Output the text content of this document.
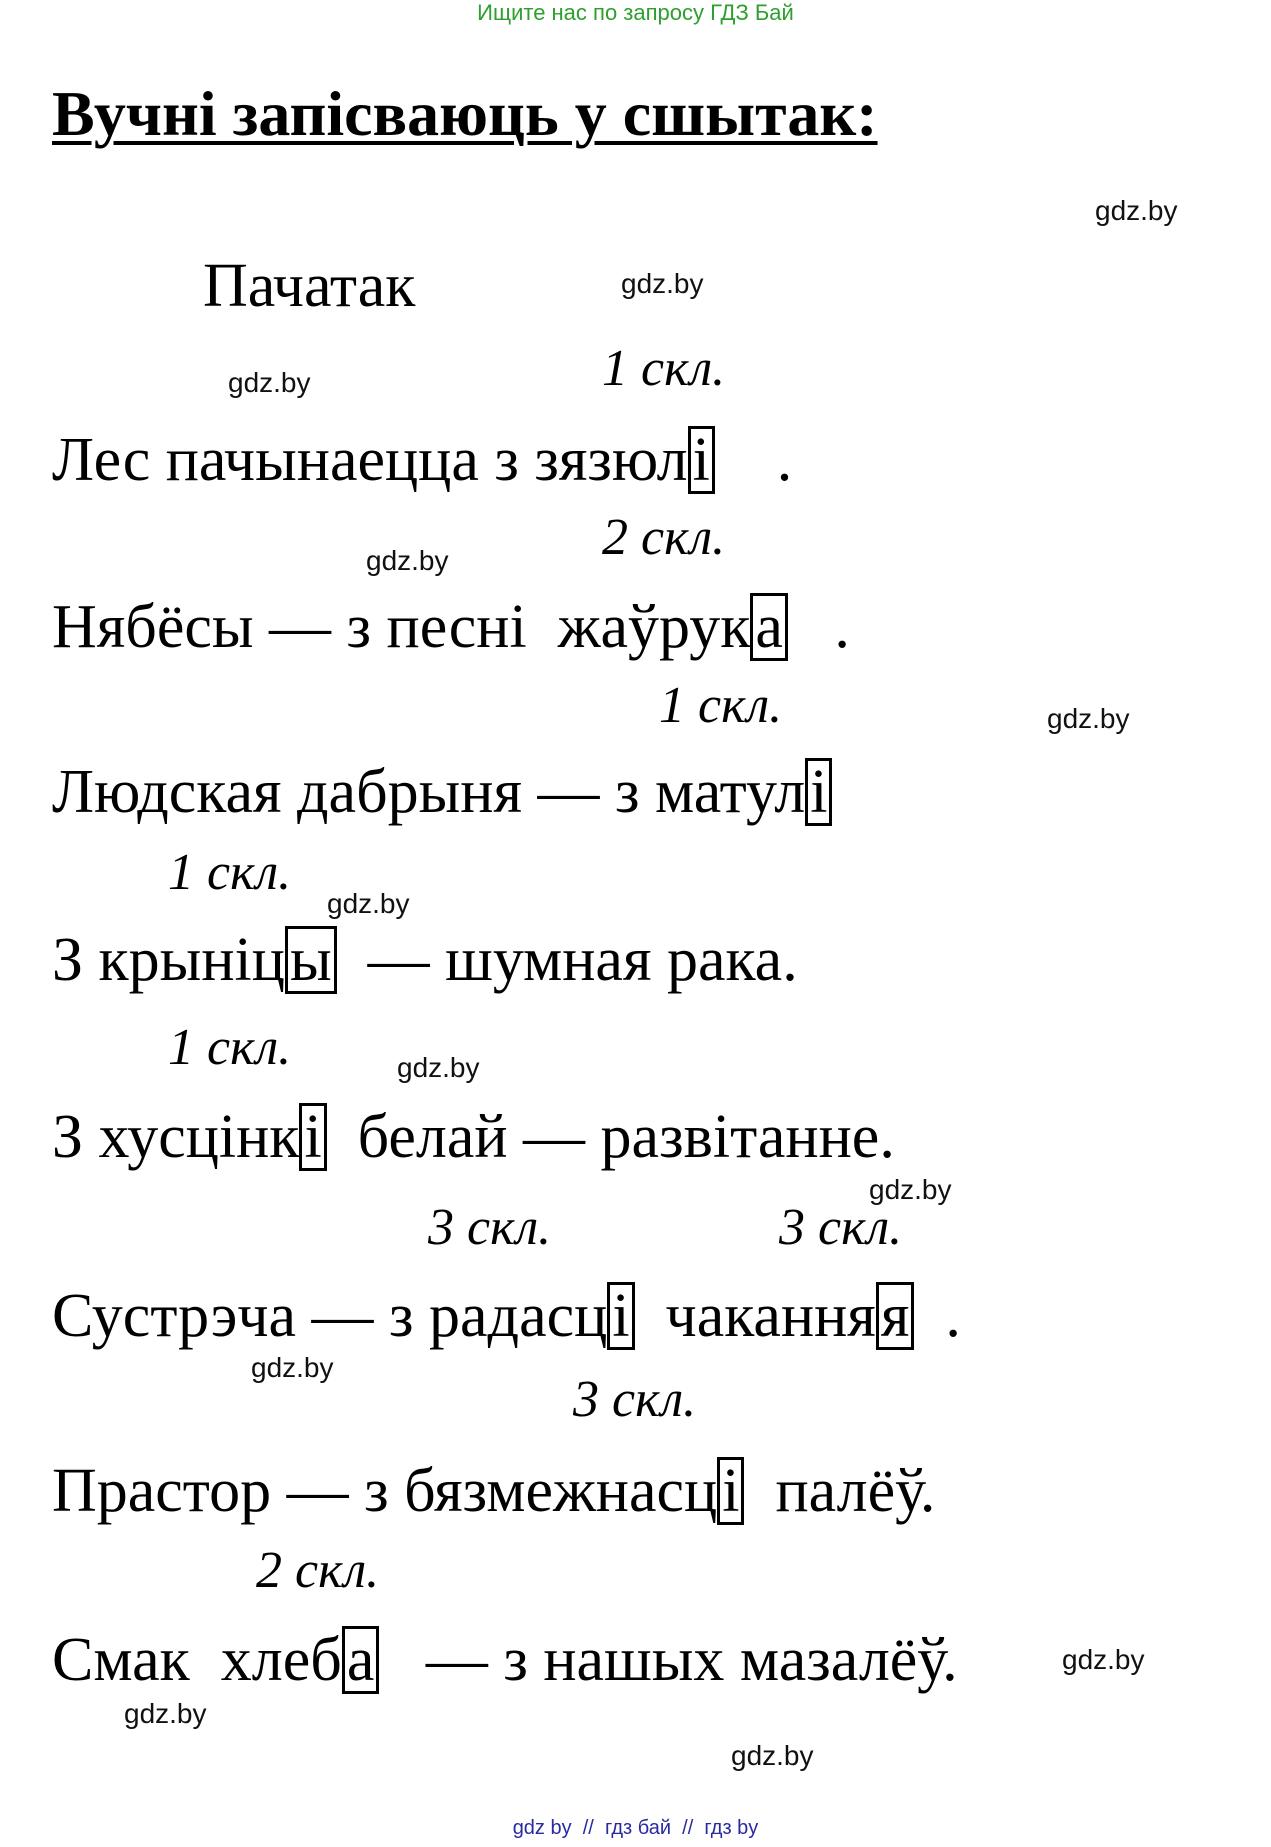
Ищите нас по запросу ГДЗ Бай
Вучні запісваюць у сшытак:
gdz.by
Пачатак	gdz.by
1 скл.
gdz.by
Лес пачынаецца з зязюлі    .
2 скл.
gdz.by
Нябёсы — з песні  жаўрука   .
1 скл.	gdz.by
Людская дабрыня — з матулі
1 скл.
gdz.by
З крыніцы  — шумная рака.
1 скл.	gdz.by
З хусцінкі  белай — развітанне.
gdz.by
3 скл.	3 скл.
Сустрэча — з радасці  чаканняя  .
gdz.by
3 скл.
Прастор — з бязмежнасці  палёў.
2 скл.
Смак  хлеба   — з нашых мазалёў.	gdz.by
gdz.by
gdz.by
gdz by  //  гдз бай  //  гдз by
